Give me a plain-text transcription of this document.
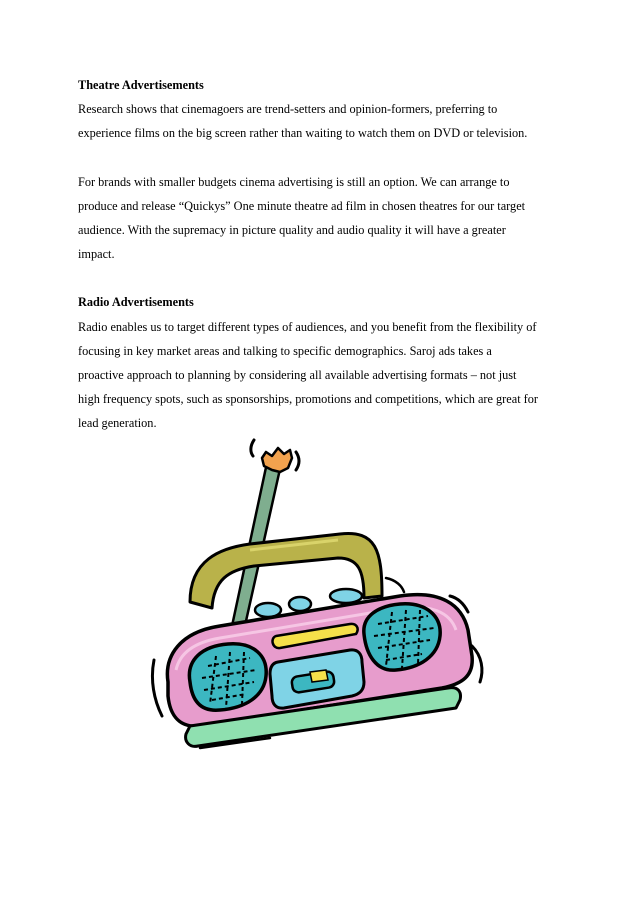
Theatre Advertisements

Research shows that cinemagoers are trend-setters and opinion-formers, preferring to
experience films on the big screen rather than waiting to watch them on DVD or television.

For brands with smaller budgets cinema advertising is still an option. We can arrange to
produce and release “Quickys” One minute theatre ad film in chosen theatres for our target
audience. With the supremacy in picture quality and audio quality it will have a greater
impact.

Radio Advertisements

Radio enables us to target different types of audiences, and you benefit from the flexibility of
focusing in key market areas and talking to specific demographics. Saroj ads takes a
proactive approach to planning by considering all available advertising formats – not just
high frequency spots, such as sponsorships, promotions and competitions, which are great for
lead generation.
